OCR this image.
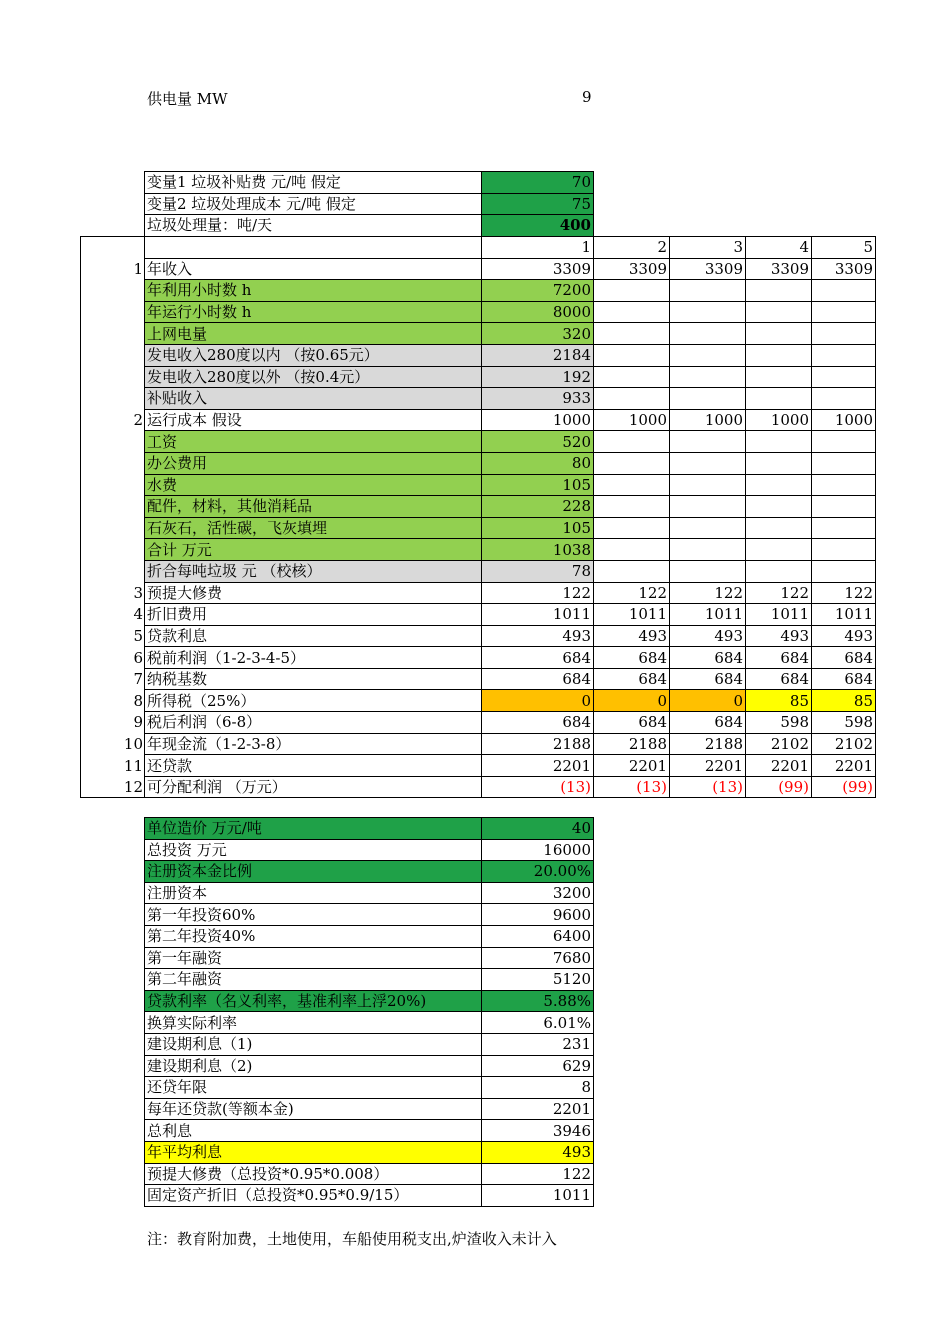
供电量 MW	9
变量1 垃圾补贴费 元/吨 假定	70
变量2 垃圾处理成本 元/吨 假定	75
垃圾处理量：吨/天	400
		1	2	3	4	5
1	年收入	3309	3309	3309	3309	3309
	年利用小时数 h	7200				
	年运行小时数 h	8000				
	上网电量	320				
	发电收入280度以内 （按0.65元）	2184				
	发电收入280度以外 （按0.4元）	192				
	补贴收入	933				
2	运行成本 假设	1000	1000	1000	1000	1000
	工资	520				
	办公费用	80				
	水费	105				
	配件，材料，其他消耗品	228				
	石灰石，活性碳，飞灰填埋	105				
	合计 万元	1038				
	折合每吨垃圾 元 （校核）	78				
3	预提大修费	122	122	122	122	122
4	折旧费用	1011	1011	1011	1011	1011
5	贷款利息	493	493	493	493	493
6	税前利润（1-2-3-4-5）	684	684	684	684	684
7	纳税基数	684	684	684	684	684
8	所得税（25%）	0	0	0	85	85
9	税后利润（6-8）	684	684	684	598	598
10	年现金流（1-2-3-8）	2188	2188	2188	2102	2102
11	还贷款	2201	2201	2201	2201	2201
12	可分配利润 （万元）	(13)	(13)	(13)	(99)	(99)
单位造价 万元/吨	40
总投资 万元	16000
注册资本金比例	20.00%
注册资本	3200
第一年投资60%	9600
第二年投资40%	6400
第一年融资	7680
第二年融资	5120
贷款利率（名义利率，基准利率上浮20%)	5.88%
换算实际利率	6.01%
建设期利息（1)	231
建设期利息（2)	629
还贷年限	8
每年还贷款(等额本金)	2201
总利息	3946
年平均利息	493
预提大修费（总投资*0.95*0.008）	122
固定资产折旧（总投资*0.95*0.9/15）	1011
注：教育附加费，土地使用，车船使用税支出,炉渣收入未计入
